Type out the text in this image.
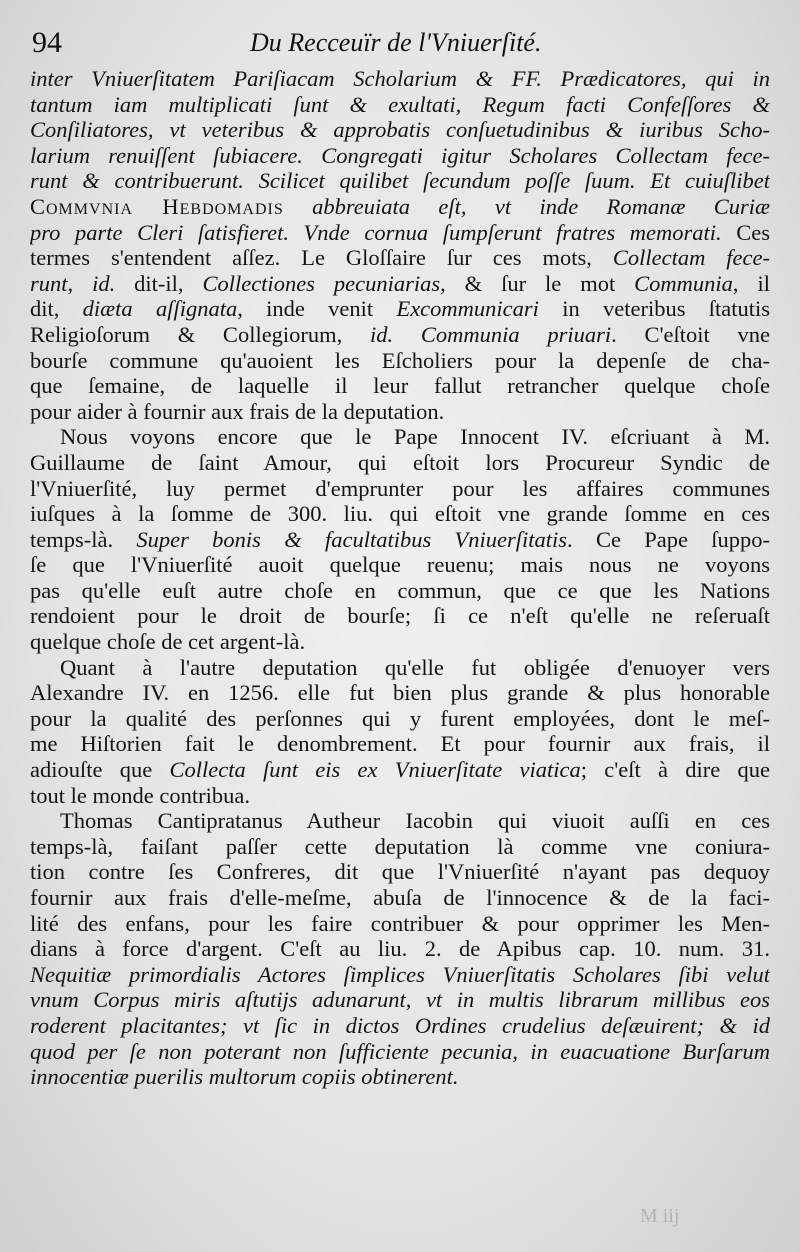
94	Du Recceuïr de l'Vniuerſité.
inter Vniuerſitatem Pariſiacam Scholarium & FF. Prædicatores, qui in
tantum iam multiplicati ſunt & exultati, Regum facti Confeſſores &
Conſiliatores, vt veteribus & approbatis conſuetudinibus & iuribus Scho-
larium renuiſſent ſubiacere. Congregati igitur Scholares Collectam fece-
runt & contribuerunt. Scilicet quilibet ſecundum poſſe ſuum. Et cuiuſlibet
Commvnia Hebdomadis abbreuiata eſt, vt inde Romanæ Curiæ
pro parte Cleri ſatisfieret. Vnde cornua ſumpſerunt fratres memorati. Ces
termes s'entendent aſſez. Le Gloſſaire ſur ces mots, Collectam fece-
runt, id. dit-il, Collectiones pecuniarias, & ſur le mot Communia, il
dit, diæta aſſignata, inde venit Excommunicari in veteribus ſtatutis
Religioſorum & Collegiorum, id. Communia priuari. C'eſtoit vne
bourſe commune qu'auoient les Eſcholiers pour la depenſe de cha-
que ſemaine, de laquelle il leur fallut retrancher quelque choſe
pour aider à fournir aux frais de la deputation.
Nous voyons encore que le Pape Innocent IV. eſcriuant à M.
Guillaume de ſaint Amour, qui eſtoit lors Procureur Syndic de
l'Vniuerſité, luy permet d'emprunter pour les affaires communes
iuſques à la ſomme de 300. liu. qui eſtoit vne grande ſomme en ces
temps-là. Super bonis & facultatibus Vniuerſitatis. Ce Pape ſuppo-
ſe que l'Vniuerſité auoit quelque reuenu; mais nous ne voyons
pas qu'elle euſt autre choſe en commun, que ce que les Nations
rendoient pour le droit de bourſe; ſi ce n'eſt qu'elle ne reſeruaſt
quelque choſe de cet argent-là.
Quant à l'autre deputation qu'elle fut obligée d'enuoyer vers
Alexandre IV. en 1256. elle fut bien plus grande & plus honorable
pour la qualité des perſonnes qui y furent employées, dont le meſ-
me Hiſtorien fait le denombrement. Et pour fournir aux frais, il
adiouſte que Collecta ſunt eis ex Vniuerſitate viatica; c'eſt à dire que
tout le monde contribua.
Thomas Cantipratanus Autheur Iacobin qui viuoit auſſi en ces
temps-là, faiſant paſſer cette deputation là comme vne coniura-
tion contre ſes Confreres, dit que l'Vniuerſité n'ayant pas dequoy
fournir aux frais d'elle-meſme, abuſa de l'innocence & de la faci-
lité des enfans, pour les faire contribuer & pour opprimer les Men-
dians à force d'argent. C'eſt au liu. 2. de Apibus cap. 10. num. 31.
Nequitiæ primordialis Actores ſimplices Vniuerſitatis Scholares ſibi velut
vnum Corpus miris aſtutijs adunarunt, vt in multis librarum millibus eos
roderent placitantes; vt ſic in dictos Ordines crudelius deſæuirent; & id
quod per ſe non poterant non ſufficiente pecunia, in euacuatione Burſarum
innocentiæ puerilis multorum copiis obtinerent.
M iij
